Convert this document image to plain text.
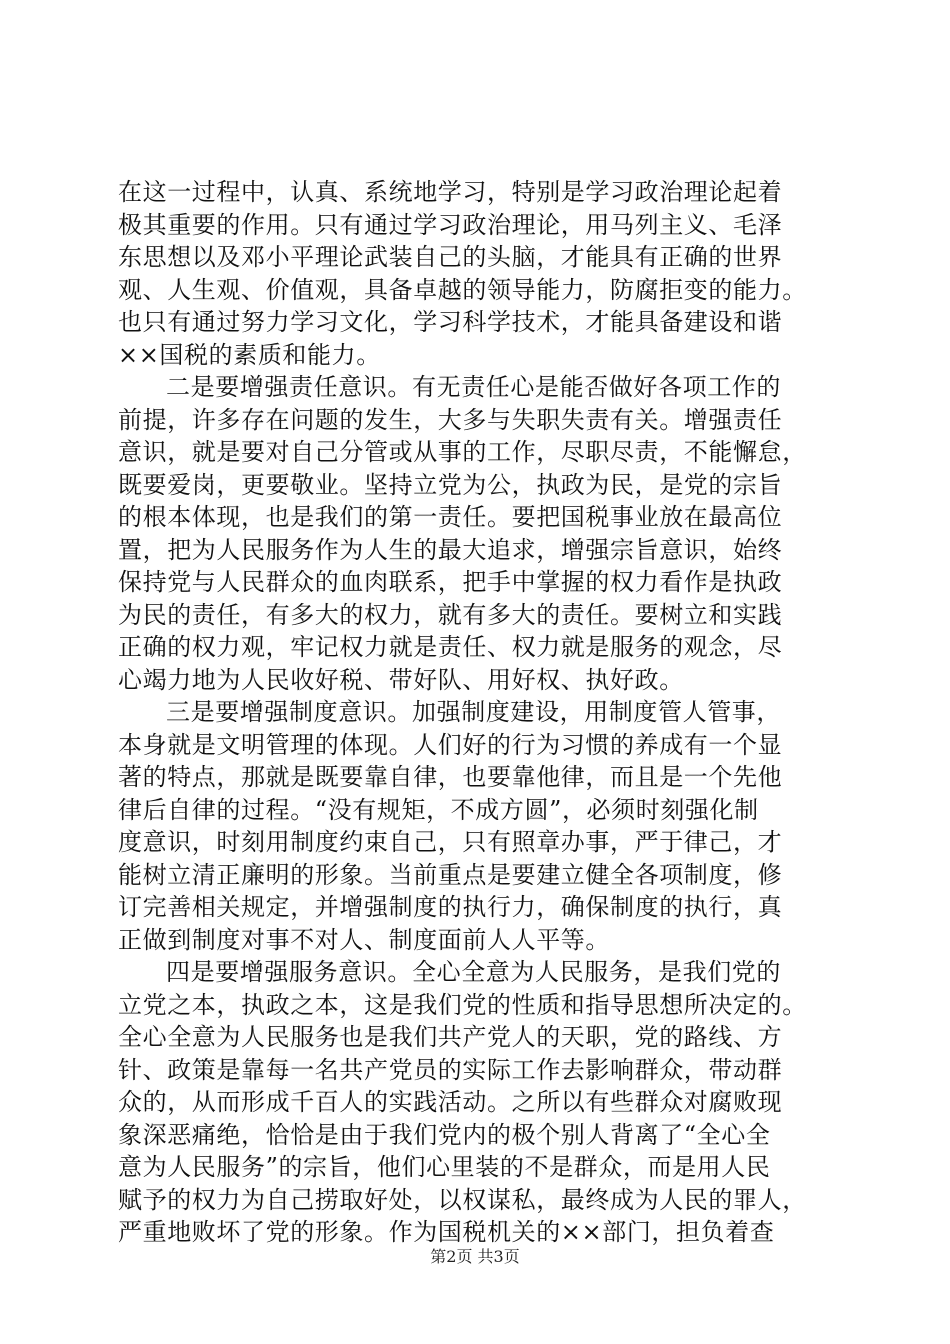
在这一过程中，认真、系统地学习，特别是学习政治理论起着
极其重要的作用。只有通过学习政治理论，用马列主义、毛泽
东思想以及邓小平理论武装自己的头脑，才能具有正确的世界
观、人生观、价值观，具备卓越的领导能力，防腐拒变的能力。
也只有通过努力学习文化，学习科学技术，才能具备建设和谐
××国税的素质和能力。
二是要增强责任意识。有无责任心是能否做好各项工作的
前提，许多存在问题的发生，大多与失职失责有关。增强责任
意识，就是要对自己分管或从事的工作，尽职尽责，不能懈怠，
既要爱岗，更要敬业。坚持立党为公，执政为民，是党的宗旨
的根本体现，也是我们的第一责任。要把国税事业放在最高位
置，把为人民服务作为人生的最大追求，增强宗旨意识，始终
保持党与人民群众的血肉联系，把手中掌握的权力看作是执政
为民的责任，有多大的权力，就有多大的责任。要树立和实践
正确的权力观，牢记权力就是责任、权力就是服务的观念，尽
心竭力地为人民收好税、带好队、用好权、执好政。
三是要增强制度意识。加强制度建设，用制度管人管事，
本身就是文明管理的体现。人们好的行为习惯的养成有一个显
著的特点，那就是既要靠自律，也要靠他律，而且是一个先他
律后自律的过程。“没有规矩，不成方圆”，必须时刻强化制
度意识，时刻用制度约束自己，只有照章办事，严于律己，才
能树立清正廉明的形象。当前重点是要建立健全各项制度，修
订完善相关规定，并增强制度的执行力，确保制度的执行，真
正做到制度对事不对人、制度面前人人平等。
四是要增强服务意识。全心全意为人民服务，是我们党的
立党之本，执政之本，这是我们党的性质和指导思想所决定的。
全心全意为人民服务也是我们共产党人的天职，党的路线、方
针、政策是靠每一名共产党员的实际工作去影响群众，带动群
众的，从而形成千百人的实践活动。之所以有些群众对腐败现
象深恶痛绝，恰恰是由于我们党内的极个别人背离了“全心全
意为人民服务”的宗旨，他们心里装的不是群众，而是用人民
赋予的权力为自己捞取好处，以权谋私，最终成为人民的罪人，
严重地败坏了党的形象。作为国税机关的××部门，担负着查
第2页 共3页
